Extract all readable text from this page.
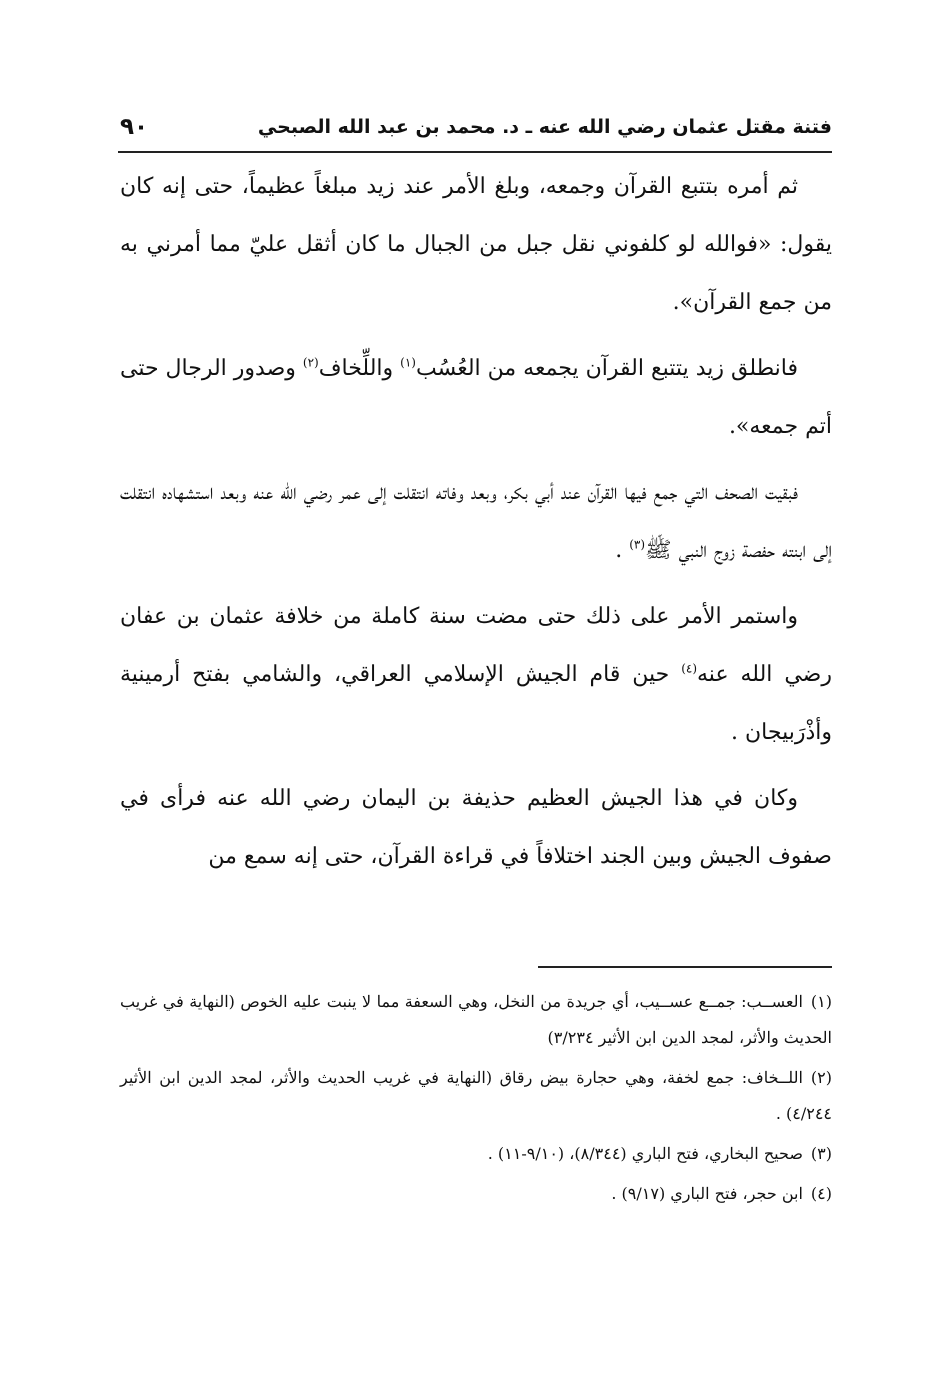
فتنة مقتل عثمان رضي الله عنه ـ د. محمد بن عبد الله الصبحي
٩٠

ثم أمره بتتبع القرآن وجمعه، وبلغ الأمر عند زيد مبلغاً عظيماً، حتى إنه كان يقول: «فوالله لو كلفوني نقل جبل من الجبال ما كان أثقل عليّ مما أمرني به من جمع القرآن».

فانطلق زيد يتتبع القرآن يجمعه من العُسُب$^{(١)}$ واللِّخاف$^{(٢)}$ وصدور الرجال حتى أتم جمعه».

فبقيت الصحف التي جمع فيها القرآن عند أبي بكر، وبعد وفاته انتقلت إلى عمر رضي الله عنه وبعد استشهاده انتقلت إلى ابنته حفصة زوج النبي ﷺ$^{(٣)}$ .

واستمر الأمر على ذلك حتى مضت سنة كاملة من خلافة عثمان بن عفان رضي الله عنه$^{(٤)}$ حين قام الجيش الإسلامي العراقي، والشامي بفتح أرمينية وأذْرَبيجان .

وكان في هذا الجيش العظيم حذيفة بن اليمان رضي الله عنه فرأى في صفوف الجيش وبين الجند اختلافاً في قراءة القرآن، حتى إنه سمع من

(١)العســب: جمــع عســيب، أي جريدة من النخل، وهي السعفة مما لا ينبت عليه الخوص (النهاية في غريب الحديث والأثر، لمجد الدين ابن الأثير ٣/٢٣٤)
(٢)اللــخاف: جمع لخفة، وهي حجارة بيض رقاق (النهاية في غريب الحديث والأثر، لمجد الدين ابن الأثير ٤/٢٤٤) .
(٣)صحيح البخاري، فتح الباري (٨/٣٤٤)، (٩/١٠-١١) .
(٤)ابن حجر، فتح الباري (٩/١٧) .
